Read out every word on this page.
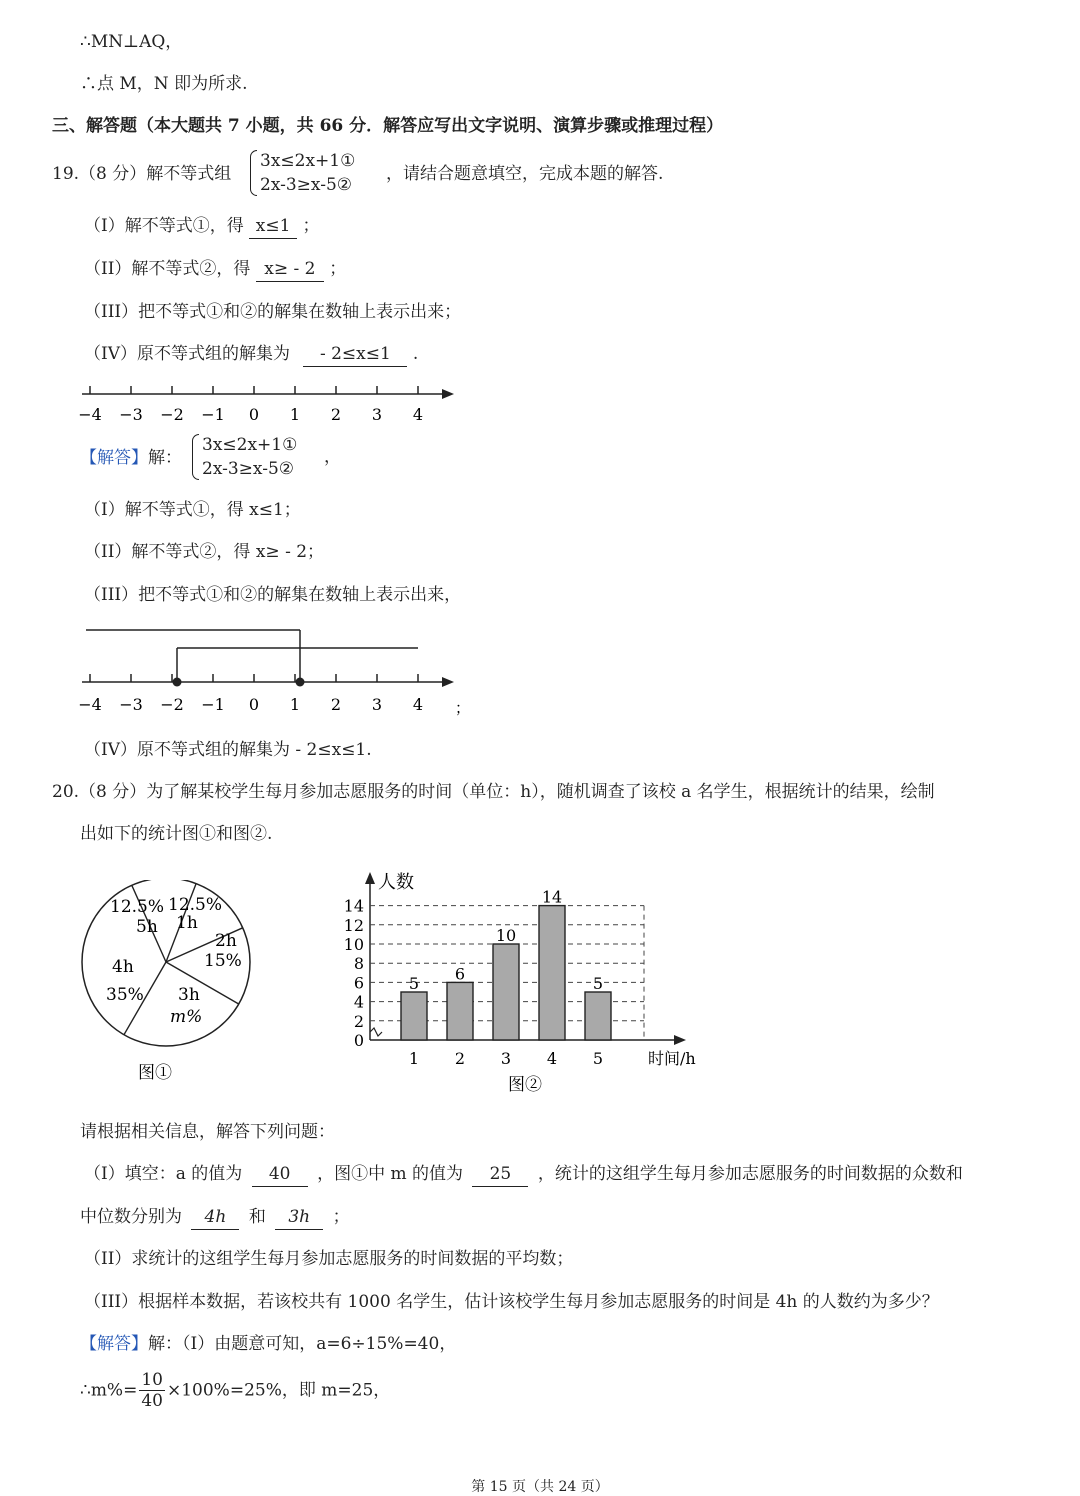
∴MN⊥AQ，
∴点 M，N 即为所求.
三、解答题（本大题共 7 小题，共 66 分．解答应写出文字说明、演算步骤或推理过程）
19.（8 分）解不等式组
3x≤2x+1①
2x-3≥x-5②
，请结合题意填空，完成本题的解答.
（I）解不等式①，得 x≤1 ；
（II）解不等式②，得 x≥ - 2 ；
（III）把不等式①和②的解集在数轴上表示出来；
（IV）原不等式组的解集为 - 2≤x≤1 .
−4 −3 −2 −1 0 1 2 3 4
【解答】解：
3x≤2x+1①
2x-3≥x-5②
，
（I）解不等式①，得 x≤1；
（II）解不等式②，得 x≥ - 2；
（III）把不等式①和②的解集在数轴上表示出来，
−4 −3 −2 −1 0 1 2 3 4 ；
（IV）原不等式组的解集为 - 2≤x≤1.
20.（8 分）为了解某校学生每月参加志愿服务的时间（单位：h），随机调查了该校 a 名学生，根据统计的结果，绘制
出如下的统计图①和图②.
12.5%
5h
12.5%
1h
2h
15%
3h
m%
4h
35%
图①
人数
时间/h
图②
0
2
4
6
8
10
12
14
5
1
6
2
10
3
14
4
5
5
请根据相关信息，解答下列问题：
（I）填空：a 的值为 40 ，图①中 m 的值为 25 ，统计的这组学生每月参加志愿服务的时间数据的众数和
中位数分别为 4h 和 3h ；
（II）求统计的这组学生每月参加志愿服务的时间数据的平均数；
（III）根据样本数据，若该校共有 1000 名学生，估计该校学生每月参加志愿服务的时间是 4h 的人数约为多少？
【解答】解：（I）由题意可知，a=6÷15%=40，
∴m%= $\frac{10}{40} \times 100\%=25\%$，即 m=25，
第 15 页（共 24 页）
